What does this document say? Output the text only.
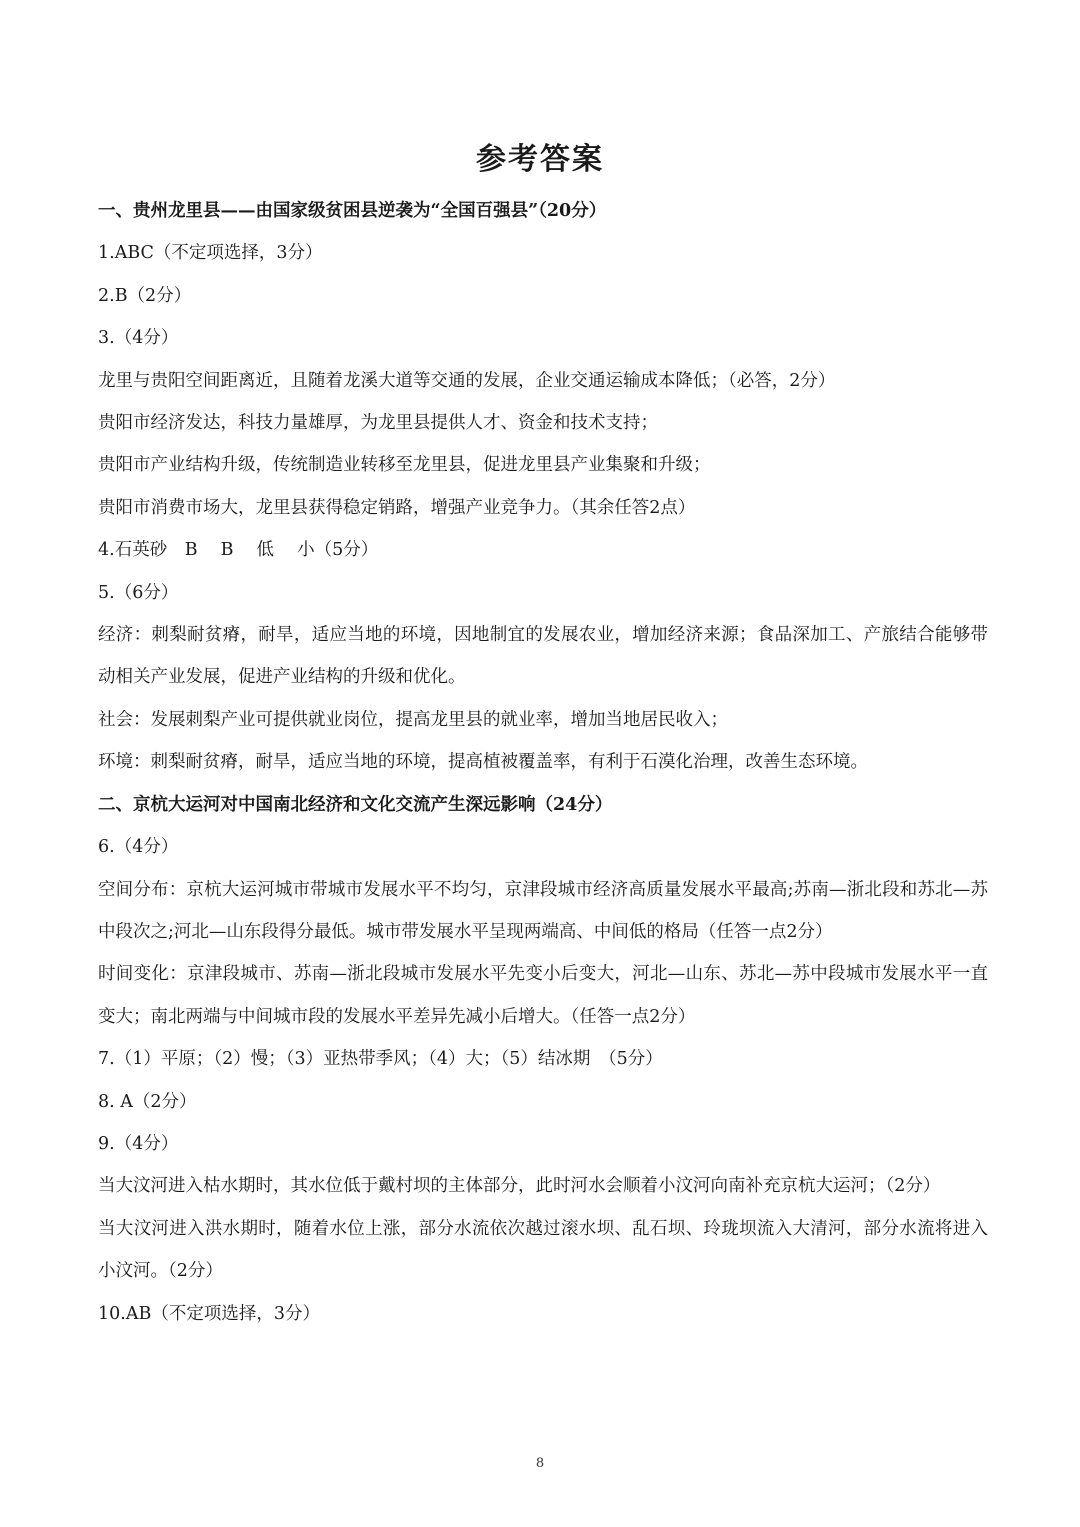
参考答案

一、贵州龙里县——由国家级贫困县逆袭为“全国百强县”（20分）

1.ABC（不定项选择，3分）

2.B（2分）

3.（4分）

龙里与贵阳空间距离近，且随着龙溪大道等交通的发展，企业交通运输成本降低；（必答，2分）

贵阳市经济发达，科技力量雄厚，为龙里县提供人才、资金和技术支持；

贵阳市产业结构升级，传统制造业转移至龙里县，促进龙里县产业集聚和升级；

贵阳市消费市场大，龙里县获得稳定销路，增强产业竞争力。（其余任答2点）

4.石英砂　B　 B　 低　 小（5分）

5.（6分）

经济：刺梨耐贫瘠，耐旱，适应当地的环境，因地制宜的发展农业，增加经济来源；食品深加工、产旅结合能够带动相关产业发展，促进产业结构的升级和优化。

社会：发展刺梨产业可提供就业岗位，提高龙里县的就业率，增加当地居民收入；

环境：刺梨耐贫瘠，耐旱，适应当地的环境，提高植被覆盖率，有利于石漠化治理，改善生态环境。

二、京杭大运河对中国南北经济和文化交流产生深远影响（24分）

6.（4分）

空间分布：京杭大运河城市带城市发展水平不均匀，京津段城市经济高质量发展水平最高;苏南—浙北段和苏北—苏中段次之;河北—山东段得分最低。城市带发展水平呈现两端高、中间低的格局（任答一点2分）

时间变化：京津段城市、苏南—浙北段城市发展水平先变小后变大，河北—山东、苏北—苏中段城市发展水平一直变大；南北两端与中间城市段的发展水平差异先减小后增大。（任答一点2分）

7.（1）平原；（2）慢；（3）亚热带季风；（4）大；（5）结冰期　（5分）

8. A（2分）

9.（4分）

当大汶河进入枯水期时，其水位低于戴村坝的主体部分，此时河水会顺着小汶河向南补充京杭大运河；（2分）

当大汶河进入洪水期时，随着水位上涨，部分水流依次越过滚水坝、乱石坝、玲珑坝流入大清河，部分水流将进入小汶河。（2分）

10.AB（不定项选择，3分）

8
